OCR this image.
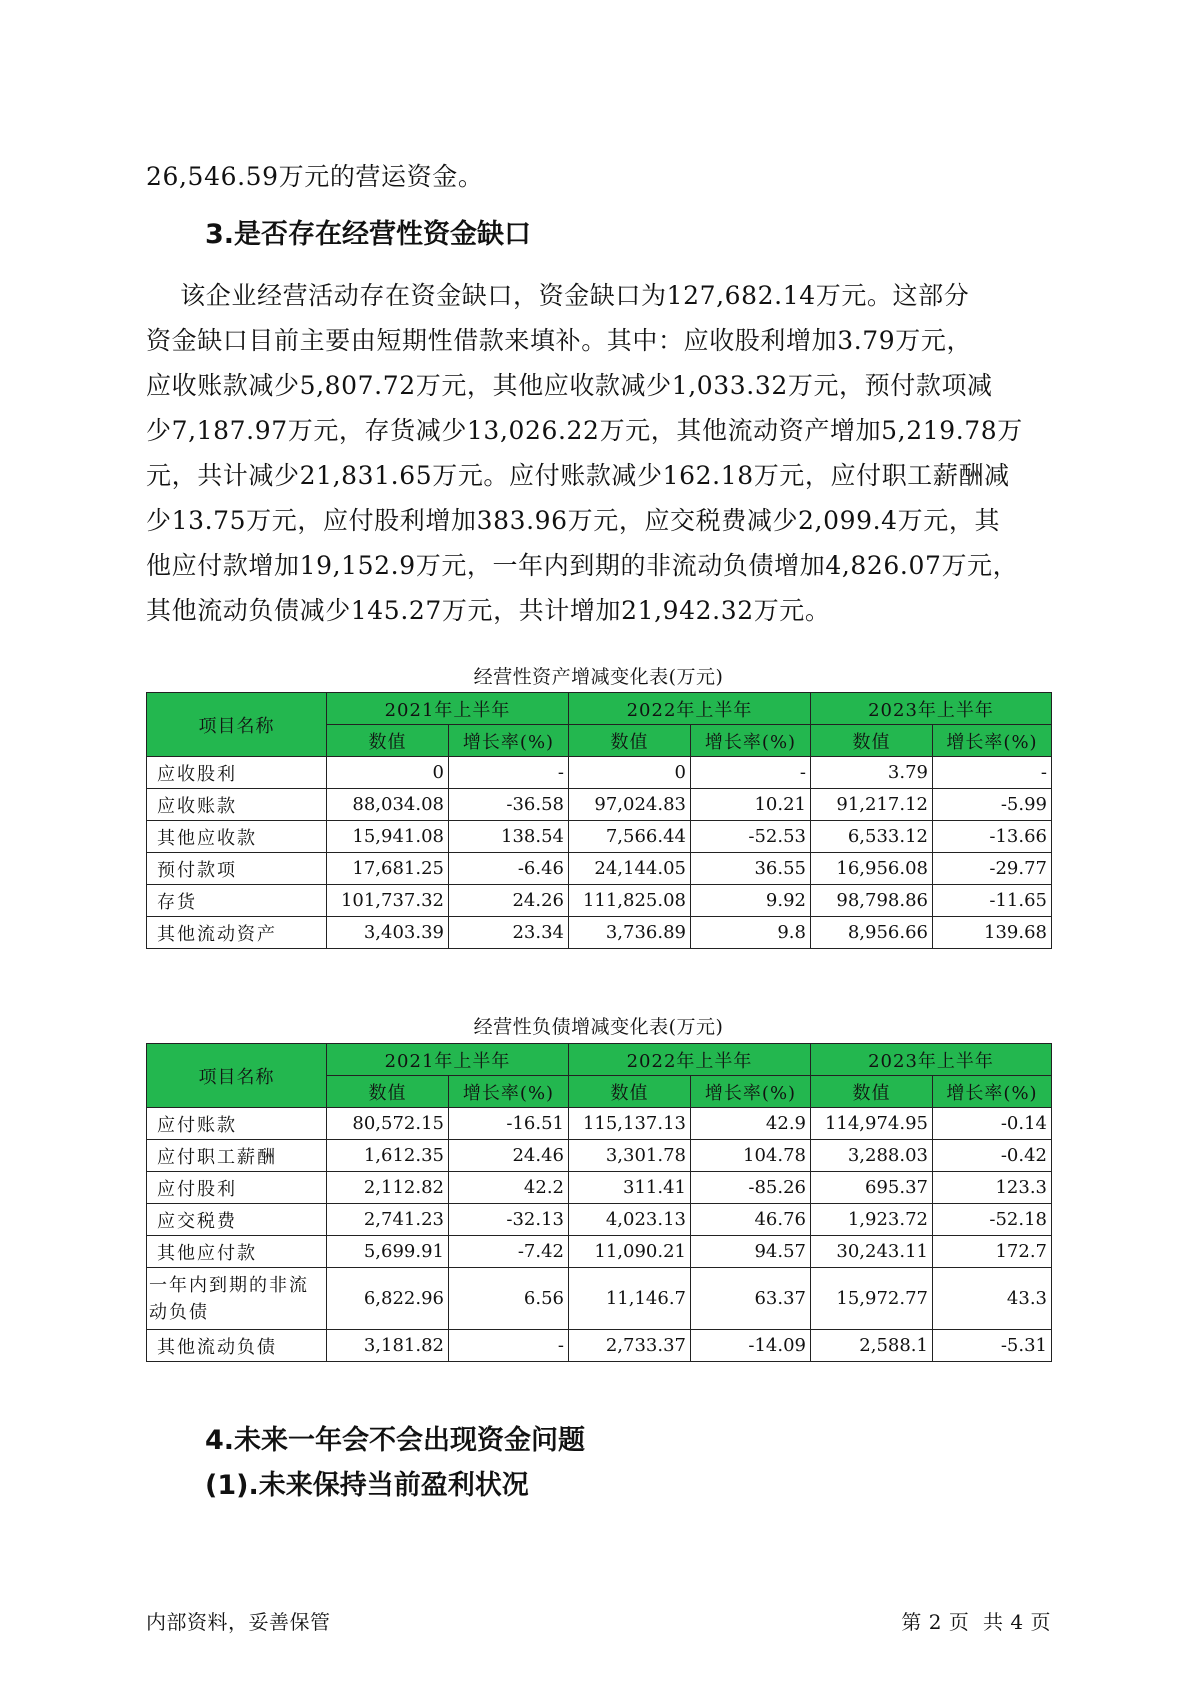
26,546.59万元的营运资金。

3.是否存在经营性资金缺口

该企业经营活动存在资金缺口，资金缺口为127,682.14万元。这部分

资金缺口目前主要由短期性借款来填补。其中：应收股利增加3.79万元，

应收账款减少5,807.72万元，其他应收款减少1,033.32万元，预付款项减

少7,187.97万元，存货减少13,026.22万元，其他流动资产增加5,219.78万

元，共计减少21,831.65万元。应付账款减少162.18万元，应付职工薪酬减

少13.75万元，应付股利增加383.96万元，应交税费减少2,099.4万元，其

他应付款增加19,152.9万元，一年内到期的非流动负债增加4,826.07万元，

其他流动负债减少145.27万元，共计增加21,942.32万元。

经营性资产增减变化表(万元)

项目名称	2021年上半年		2022年上半年		2023年上半年	
	数值	增长率(%)	数值	增长率(%)	数值	增长率(%)
应收股利	0	-	0	-	3.79	-
应收账款	88,034.08	-36.58	97,024.83	10.21	91,217.12	-5.99
其他应收款	15,941.08	138.54	7,566.44	-52.53	6,533.12	-13.66
预付款项	17,681.25	-6.46	24,144.05	36.55	16,956.08	-29.77
存货	101,737.32	24.26	111,825.08	9.92	98,798.86	-11.65
其他流动资产	3,403.39	23.34	3,736.89	9.8	8,956.66	139.68

经营性负债增减变化表(万元)

项目名称	2021年上半年		2022年上半年		2023年上半年	
	数值	增长率(%)	数值	增长率(%)	数值	增长率(%)
应付账款	80,572.15	-16.51	115,137.13	42.9	114,974.95	-0.14
应付职工薪酬	1,612.35	24.46	3,301.78	104.78	3,288.03	-0.42
应付股利	2,112.82	42.2	311.41	-85.26	695.37	123.3
应交税费	2,741.23	-32.13	4,023.13	46.76	1,923.72	-52.18
其他应付款	5,699.91	-7.42	11,090.21	94.57	30,243.11	172.7
一年内到期的非流动负债	6,822.96	6.56	11,146.7	63.37	15,972.77	43.3
其他流动负债	3,181.82	-	2,733.37	-14.09	2,588.1	-5.31
4.未来一年会不会出现资金问题
(1).未来保持当前盈利状况

内部资料，妥善保管	第 2 页  共 4 页
